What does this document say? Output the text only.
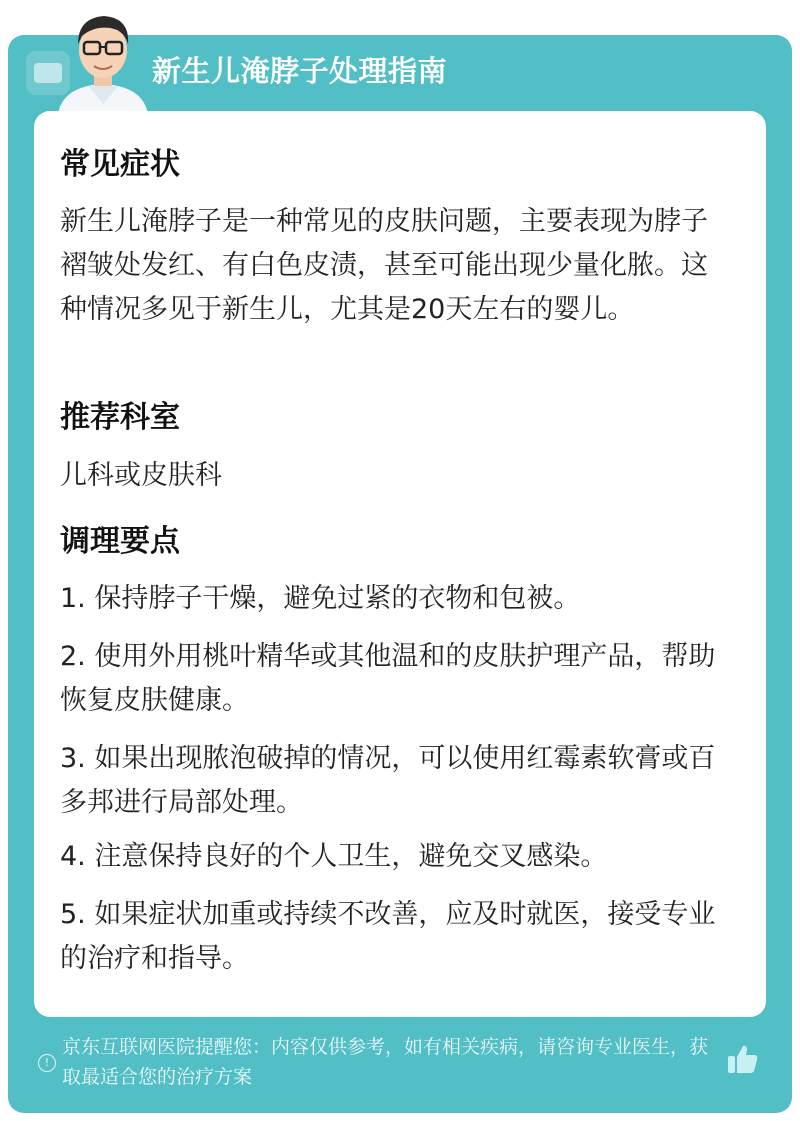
新生儿淹脖子处理指南
常见症状

新生儿淹脖子是一种常见的皮肤问题，主要表现为脖子褶皱处发红、有白色皮渍，甚至可能出现少量化脓。这种情况多见于新生儿，尤其是20天左右的婴儿。

推荐科室

儿科或皮肤科

调理要点

1. 保持脖子干燥，避免过紧的衣物和包被。

2. 使用外用桃叶精华或其他温和的皮肤护理产品，帮助恢复皮肤健康。

3. 如果出现脓泡破掉的情况，可以使用红霉素软膏或百多邦进行局部处理。

4. 注意保持良好的个人卫生，避免交叉感染。

5. 如果症状加重或持续不改善，应及时就医，接受专业的治疗和指导。

!
京东互联网医院提醒您：内容仅供参考，如有相关疾病，请咨询专业医生，获取最适合您的治疗方案
